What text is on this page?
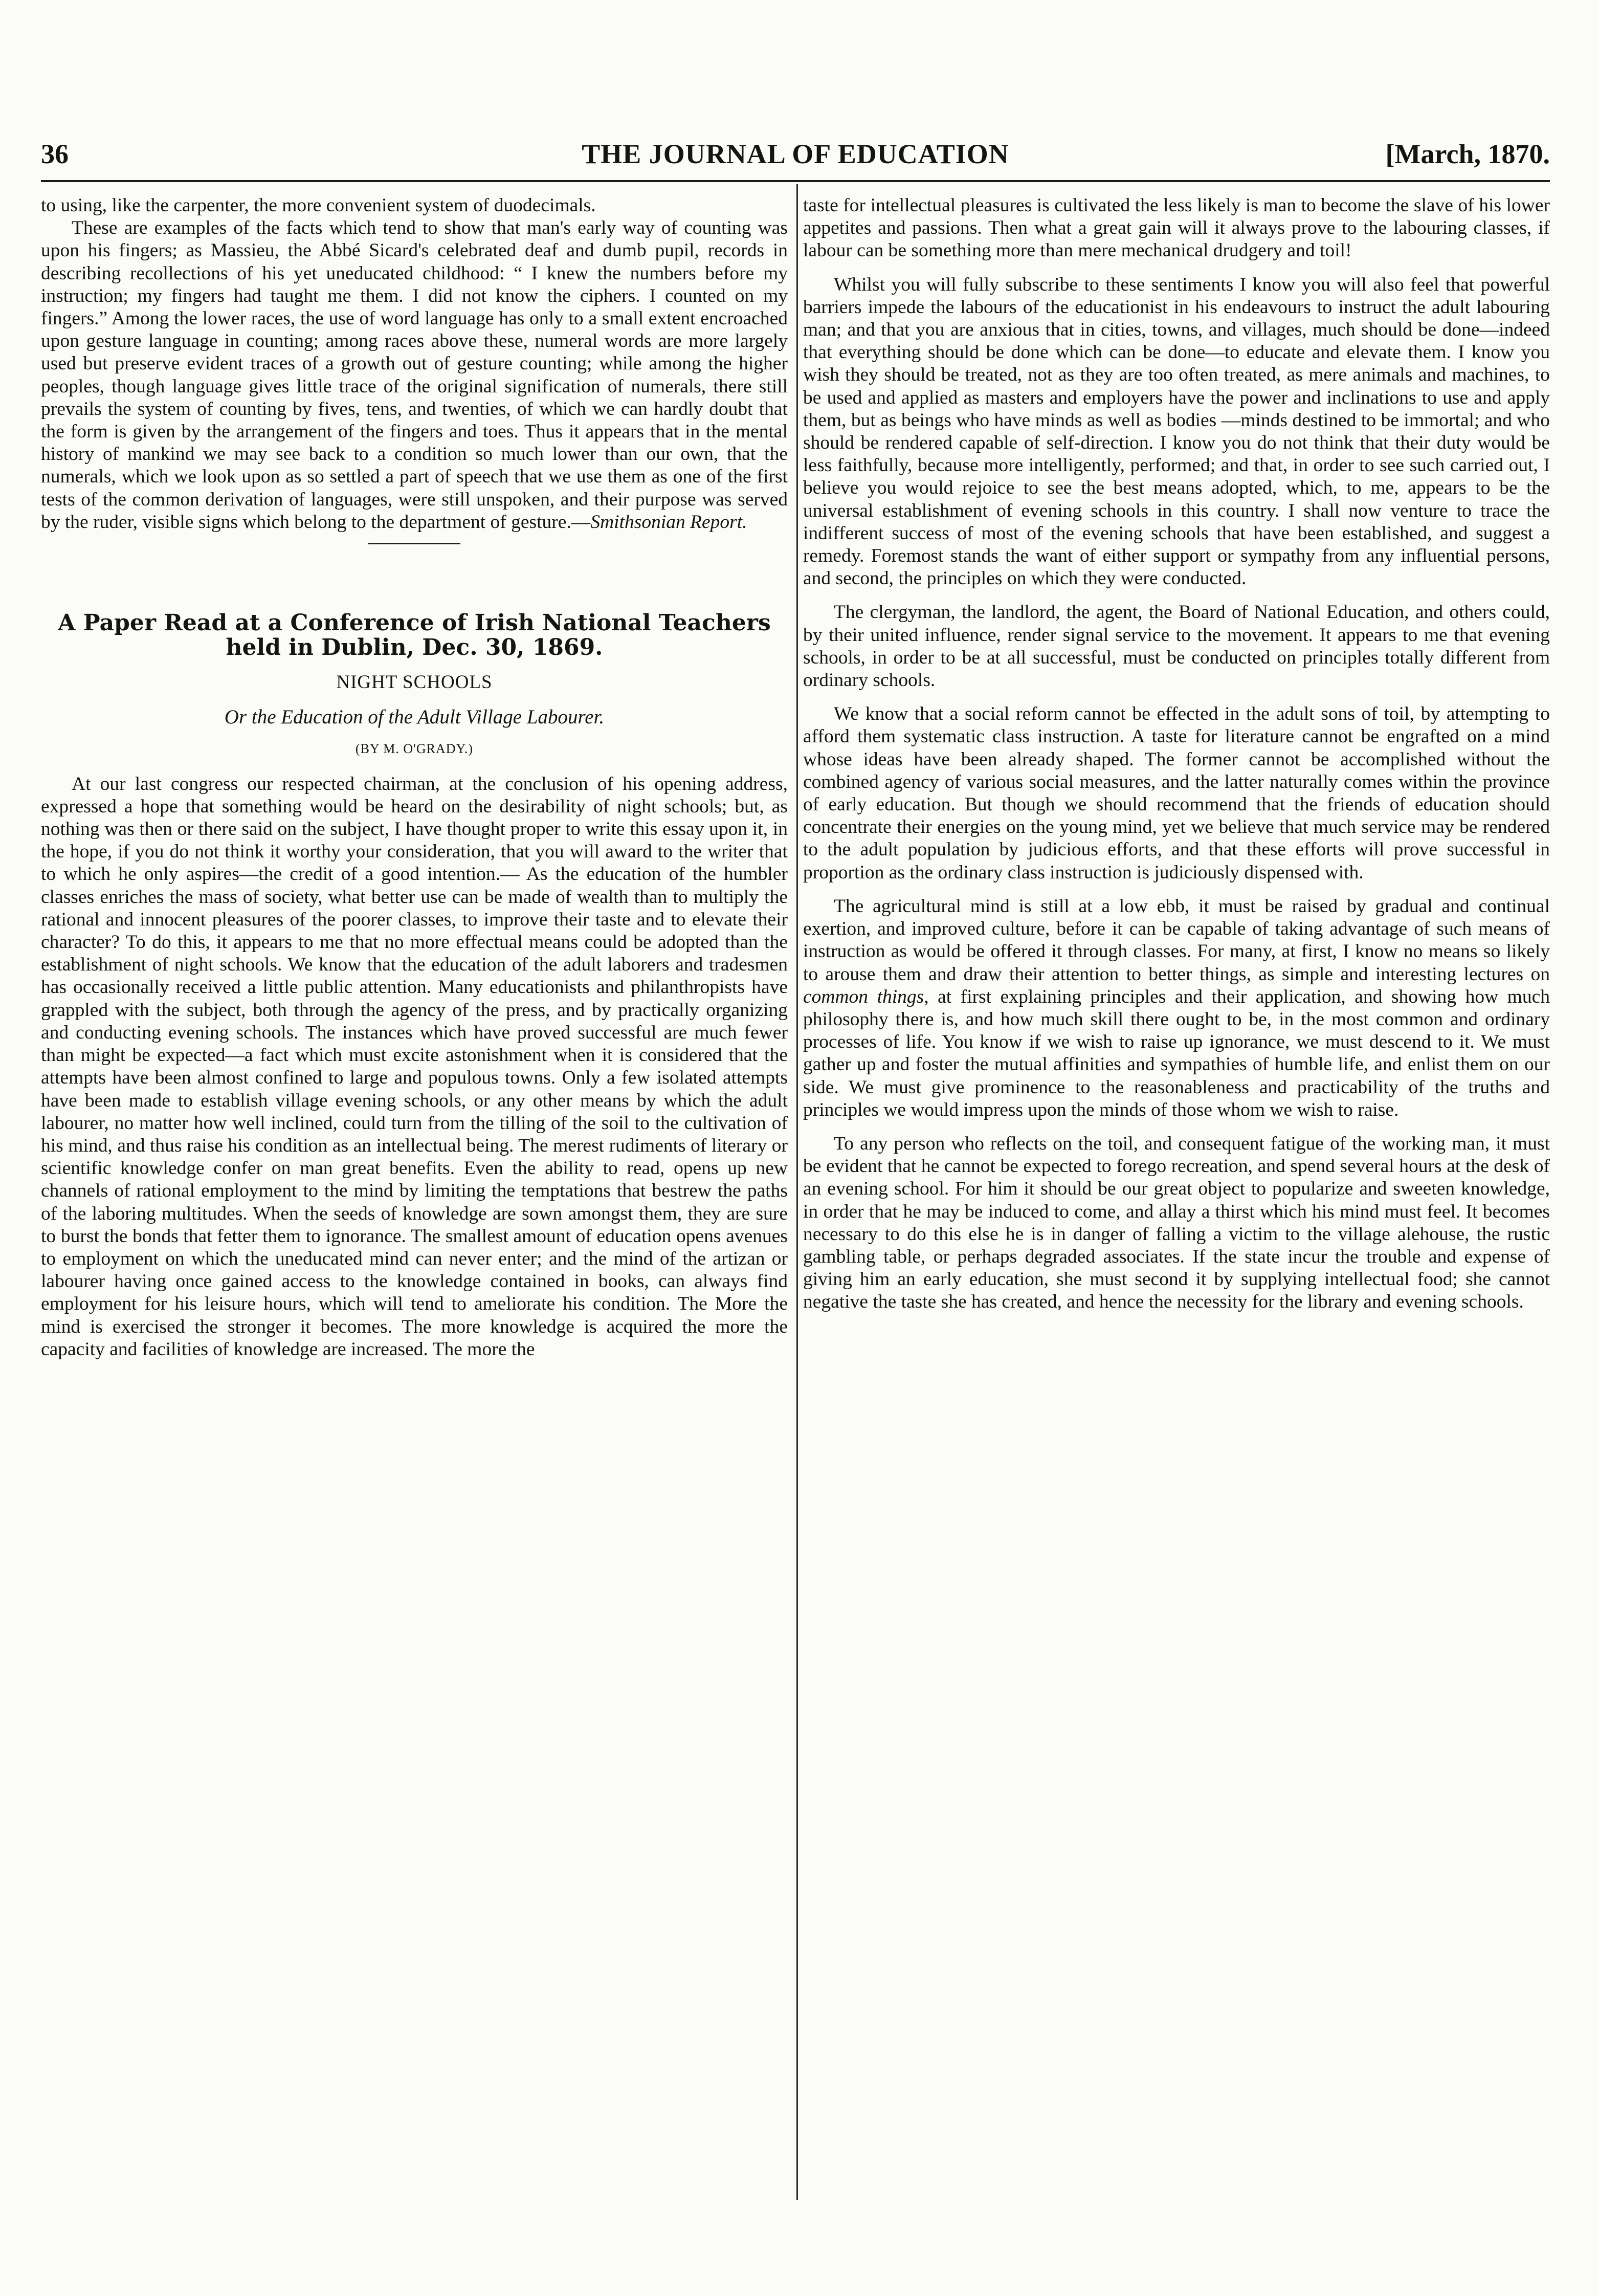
36	THE JOURNAL OF EDUCATION	[March, 1870.

to using, like the carpenter, the more convenient system of duodecimals.

These are examples of the facts which tend to show that man's early way of counting was upon his fingers; as Massieu, the Abbé Sicard's celebrated deaf and dumb pupil, records in describing recollections of his yet uneducated childhood: “ I knew the numbers before my instruction; my fingers had taught me them. I did not know the ciphers. I counted on my fingers.” Among the lower races, the use of word language has only to a small extent encroached upon gesture language in counting; among races above these, numeral words are more largely used but preserve evident traces of a growth out of gesture counting; while among the higher peoples, though language gives little trace of the original signification of numerals, there still prevails the system of counting by fives, tens, and twenties, of which we can hardly doubt that the form is given by the arrangement of the fingers and toes. Thus it appears that in the mental history of mankind we may see back to a condition so much lower than our own, that the numerals, which we look upon as so settled a part of speech that we use them as one of the first tests of the common derivation of languages, were still unspoken, and their purpose was served by the ruder, visible signs which belong to the department of gesture.—Smithsonian Report.

A Paper Read at a Conference of Irish National Teachers held in Dublin, Dec. 30, 1869.
NIGHT SCHOOLS
Or the Education of the Adult Village Labourer.
(BY M. O'GRADY.)

At our last congress our respected chairman, at the conclusion of his opening address, expressed a hope that something would be heard on the desirability of night schools; but, as nothing was then or there said on the subject, I have thought proper to write this essay upon it, in the hope, if you do not think it worthy your consideration, that you will award to the writer that to which he only aspires—the credit of a good intention.— As the education of the humbler classes enriches the mass of society, what better use can be made of wealth than to multiply the rational and innocent pleasures of the poorer classes, to improve their taste and to elevate their character? To do this, it appears to me that no more effectual means could be adopted than the establishment of night schools. We know that the education of the adult laborers and tradesmen has occasionally received a little public attention. Many educationists and philanthropists have grappled with the subject, both through the agency of the press, and by practically organizing and conducting evening schools. The instances which have proved successful are much fewer than might be expected—a fact which must excite astonishment when it is considered that the attempts have been almost confined to large and populous towns. Only a few isolated attempts have been made to establish village evening schools, or any other means by which the adult labourer, no matter how well inclined, could turn from the tilling of the soil to the cultivation of his mind, and thus raise his condition as an intellectual being. The merest rudiments of literary or scientific knowledge confer on man great benefits. Even the ability to read, opens up new channels of rational employment to the mind by limiting the temptations that bestrew the paths of the laboring multitudes. When the seeds of knowledge are sown amongst them, they are sure to burst the bonds that fetter them to ignorance. The smallest amount of education opens avenues to employment on which the uneducated mind can never enter; and the mind of the artizan or labourer having once gained access to the knowledge contained in books, can always find employment for his leisure hours, which will tend to ameliorate his condition. The More the mind is exercised the stronger it becomes. The more knowledge is acquired the more the capacity and facilities of knowledge are increased. The more the

taste for intellectual pleasures is cultivated the less likely is man to become the slave of his lower appetites and passions. Then what a great gain will it always prove to the labouring classes, if labour can be something more than mere mechanical drudgery and toil!

Whilst you will fully subscribe to these sentiments I know you will also feel that powerful barriers impede the labours of the educationist in his endeavours to instruct the adult labouring man; and that you are anxious that in cities, towns, and villages, much should be done—indeed that everything should be done which can be done—to educate and elevate them. I know you wish they should be treated, not as they are too often treated, as mere animals and machines, to be used and applied as masters and employers have the power and inclinations to use and apply them, but as beings who have minds as well as bodies —minds destined to be immortal; and who should be rendered capable of self-direction. I know you do not think that their duty would be less faithfully, because more intelligently, performed; and that, in order to see such carried out, I believe you would rejoice to see the best means adopted, which, to me, appears to be the universal establishment of evening schools in this country. I shall now venture to trace the indifferent success of most of the evening schools that have been established, and suggest a remedy. Foremost stands the want of either support or sympathy from any influential persons, and second, the principles on which they were conducted.

The clergyman, the landlord, the agent, the Board of National Education, and others could, by their united influence, render signal service to the movement. It appears to me that evening schools, in order to be at all successful, must be conducted on principles totally different from ordinary schools.

We know that a social reform cannot be effected in the adult sons of toil, by attempting to afford them systematic class instruction. A taste for literature cannot be engrafted on a mind whose ideas have been already shaped. The former cannot be accomplished without the combined agency of various social measures, and the latter naturally comes within the province of early education. But though we should recommend that the friends of education should concentrate their energies on the young mind, yet we believe that much service may be rendered to the adult population by judicious efforts, and that these efforts will prove successful in proportion as the ordinary class instruction is judiciously dispensed with.

The agricultural mind is still at a low ebb, it must be raised by gradual and continual exertion, and improved culture, before it can be capable of taking advantage of such means of instruction as would be offered it through classes. For many, at first, I know no means so likely to arouse them and draw their attention to better things, as simple and interesting lectures on common things, at first explaining principles and their application, and showing how much philosophy there is, and how much skill there ought to be, in the most common and ordinary processes of life. You know if we wish to raise up ignorance, we must descend to it. We must gather up and foster the mutual affinities and sympathies of humble life, and enlist them on our side. We must give prominence to the reasonableness and practicability of the truths and principles we would impress upon the minds of those whom we wish to raise.

To any person who reflects on the toil, and consequent fatigue of the working man, it must be evident that he cannot be expected to forego recreation, and spend several hours at the desk of an evening school. For him it should be our great object to popularize and sweeten knowledge, in order that he may be induced to come, and allay a thirst which his mind must feel. It becomes necessary to do this else he is in danger of falling a victim to the village alehouse, the rustic gambling table, or perhaps degraded associates. If the state incur the trouble and expense of giving him an early education, she must second it by supplying intellectual food; she cannot negative the taste she has created, and hence the necessity for the library and evening schools.
